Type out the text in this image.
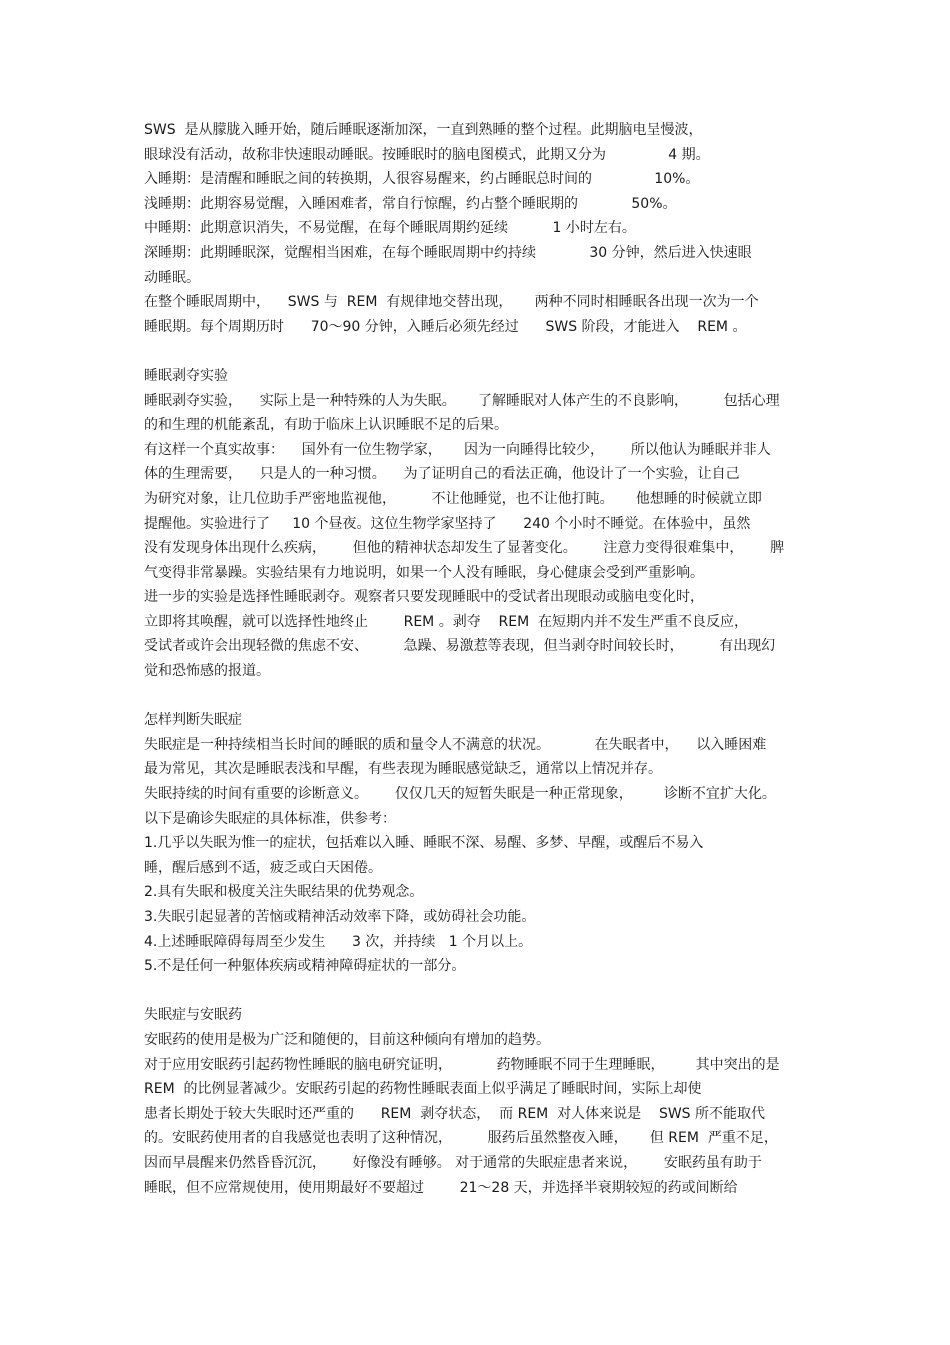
SWS  是从朦胧入睡开始，随后睡眠逐渐加深，一直到熟睡的整个过程。此期脑电呈慢波，
眼球没有活动，故称非快速眼动睡眠。按睡眠时的脑电图模式，此期又分为              4 期。
入睡期：是清醒和睡眠之间的转换期，人很容易醒来，约占睡眠总时间的              10%。
浅睡期：此期容易觉醒，入睡困难者，常自行惊醒，约占整个睡眠期的            50%。
中睡期：此期意识消失，不易觉醒，在每个睡眠周期约延续          1 小时左右。
深睡期：此期睡眠深，觉醒相当困难，在每个睡眠周期中约持续            30 分钟，然后进入快速眼
动睡眠。
在整个睡眠周期中，    SWS 与  REM  有规律地交替出现，     两种不同时相睡眠各出现一次为一个
睡眠期。每个周期历时      70～90 分钟，入睡后必须先经过      SWS 阶段，才能进入    REM 。
睡眠剥夺实验
睡眠剥夺实验，    实际上是一种特殊的人为失眠。     了解睡眠对人体产生的不良影响，        包括心理
的和生理的机能紊乱，有助于临床上认识睡眠不足的后果。
有这样一个真实故事：    国外有一位生物学家，     因为一向睡得比较少，      所以他认为睡眠并非人
体的生理需要，    只是人的一种习惯。    为了证明自己的看法正确，他设计了一个实验，让自己
为研究对象，让几位助手严密地监视他，        不让他睡觉，也不让他打盹。     他想睡的时候就立即
提醒他。实验进行了     10 个昼夜。这位生物学家坚持了      240 个小时不睡觉。在体验中，虽然
没有发现身体出现什么疾病，      但他的精神状态却发生了显著变化。      注意力变得很难集中，      脾
气变得非常暴躁。实验结果有力地说明，如果一个人没有睡眠，身心健康会受到严重影响。
进一步的实验是选择性睡眠剥夺。观察者只要发现睡眠中的受试者出现眼动或脑电变化时，
立即将其唤醒，就可以选择性地终止        REM 。剥夺    REM  在短期内并不发生严重不良反应，
受试者或许会出现轻微的焦虑不安、        急躁、易激惹等表现，但当剥夺时间较长时，        有出现幻
觉和恐怖感的报道。
怎样判断失眠症
失眠症是一种持续相当长时间的睡眠的质和量令人不满意的状况。          在失眠者中，    以入睡困难
最为常见，其次是睡眠表浅和早醒，有些表现为睡眠感觉缺乏，通常以上情况并存。
失眠持续的时间有重要的诊断意义。      仅仅几天的短暂失眠是一种正常现象，       诊断不宜扩大化。
以下是确诊失眠症的具体标准，供参考：
1.几乎以失眠为惟一的症状，包括难以入睡、睡眠不深、易醒、多梦、早醒，或醒后不易入
睡，醒后感到不适，疲乏或白天困倦。
2.具有失眠和极度关注失眠结果的优势观念。
3.失眠引起显著的苦恼或精神活动效率下降，或妨碍社会功能。
4.上述睡眠障碍每周至少发生      3 次，并持续   1 个月以上。
5.不是任何一种躯体疾病或精神障碍症状的一部分。
失眠症与安眠药
安眠药的使用是极为广泛和随便的，目前这种倾向有增加的趋势。
对于应用安眠药引起药物性睡眠的脑电研究证明，          药物睡眠不同于生理睡眠，       其中突出的是
REM  的比例显著减少。安眠药引起的药物性睡眠表面上似乎满足了睡眠时间，实际上却使
患者长期处于较大失眠时还严重的      REM  剥夺状态，  而 REM  对人体来说是    SWS 所不能取代
的。安眠药使用者的自我感觉也表明了这种情况，        服药后虽然整夜入睡，     但 REM  严重不足，
因而早晨醒来仍然昏昏沉沉，      好像没有睡够。 对于通常的失眠症患者来说，      安眠药虽有助于
睡眠，但不应常规使用，使用期最好不要超过        21～28 天，并选择半衰期较短的药或间断给
